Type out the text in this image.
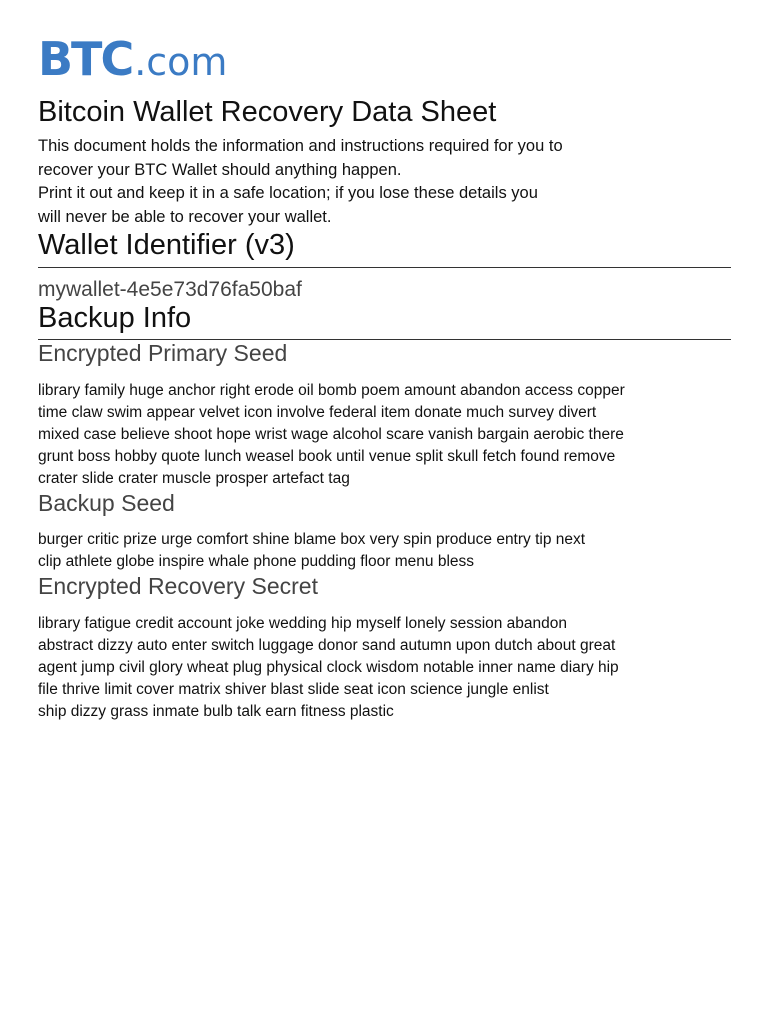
BTC .com
Bitcoin Wallet Recovery Data Sheet

This document holds the information and instructions required for you to

recover your BTC Wallet should anything happen.

Print it out and keep it in a safe location; if you lose these details you

will never be able to recover your wallet.

Wallet Identifier (v3)
mywallet-4e5e73d76fa50baf
Backup Info
Encrypted Primary Seed
library family huge anchor right erode oil bomb poem amount abandon access copper
time claw swim appear velvet icon involve federal item donate much survey divert
mixed case believe shoot hope wrist wage alcohol scare vanish bargain aerobic there
grunt boss hobby quote lunch weasel book until venue split skull fetch found remove
crater slide crater muscle prosper artefact tag
Backup Seed
burger critic prize urge comfort shine blame box very spin produce entry tip next
clip athlete globe inspire whale phone pudding floor menu bless
Encrypted Recovery Secret
library fatigue credit account joke wedding hip myself lonely session abandon
abstract dizzy auto enter switch luggage donor sand autumn upon dutch about great
agent jump civil glory wheat plug physical clock wisdom notable inner name diary hip
file thrive limit cover matrix shiver blast slide seat icon science jungle enlist
ship dizzy grass inmate bulb talk earn fitness plastic
